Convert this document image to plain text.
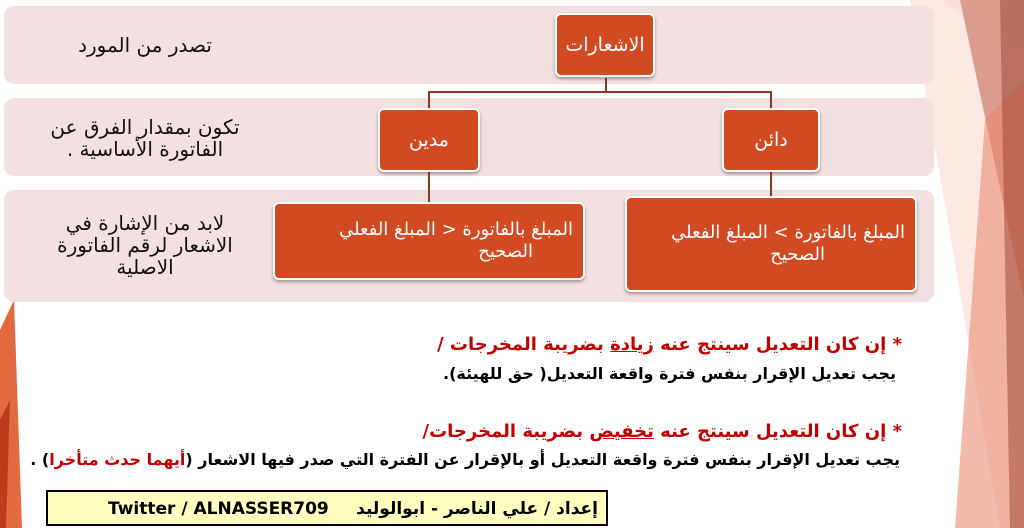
تصدر من المورد
تكون بمقدار الفرق عن
الفاتورة الأساسية .
لابد من الإشارة في
الاشعار لرقم الفاتورة
الاصلية
الاشعارات
مدين	دائن
المبلغ بالفاتورة < المبلغ الفعلي
الصحيح
المبلغ بالفاتورة > المبلغ الفعلي
الصحيح
* إن كان التعديل سينتج عنه زيادة بضريبة المخرجات /
يجب تعديل الإقرار بنفس فترة واقعة التعديل( حق للهيئة).
* إن كان التعديل سينتج عنه تخفيض بضريبة المخرجات/
يجب تعديل الإقرار بنفس فترة واقعة التعديل أو بالإقرار عن الفترة التي صدر فيها الاشعار (أيهما حدث متأخرا) .
Twitter / ALNASSER709 إعداد / علي الناصر - ابوالوليد
